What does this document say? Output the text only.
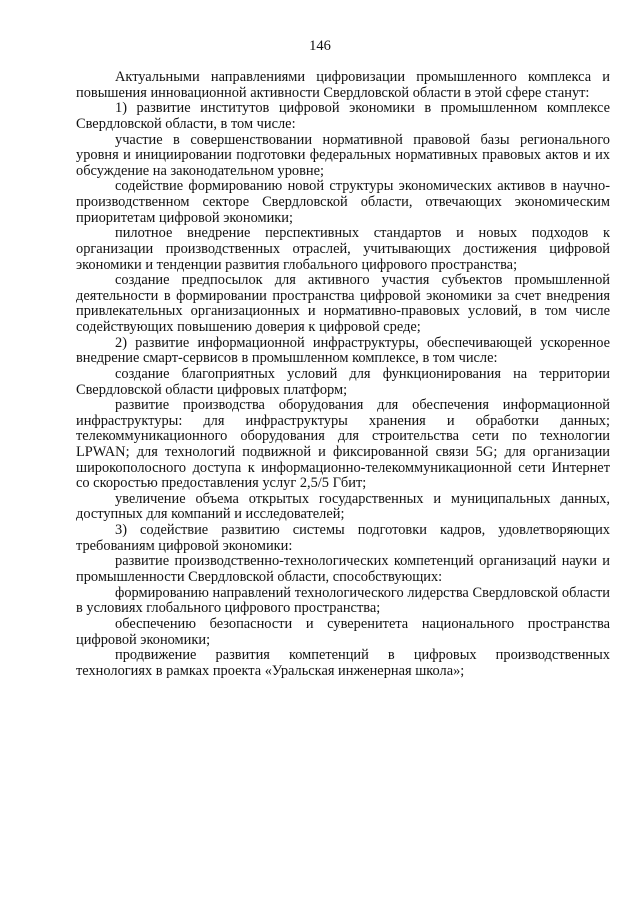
146

Актуальными направлениями цифровизации промышленного комплекса и повышения инновационной активности Свердловской области в этой сфере станут:

1) развитие институтов цифровой экономики в промышленном комплексе Свердловской области, в том числе:

участие в совершенствовании нормативной правовой базы регионального уровня и инициировании подготовки федеральных нормативных правовых актов и их обсуждение на законодательном уровне;

содействие формированию новой структуры экономических активов в научно-производственном секторе Свердловской области, отвечающих экономическим приоритетам цифровой экономики;

пилотное внедрение перспективных стандартов и новых подходов к организации производственных отраслей, учитывающих достижения цифровой экономики и тенденции развития глобального цифрового пространства;

создание предпосылок для активного участия субъектов промышленной деятельности в формировании пространства цифровой экономики за счет внедрения привлекательных организационных и нормативно-правовых условий, в том числе содействующих повышению доверия к цифровой среде;

2) развитие информационной инфраструктуры, обеспечивающей ускоренное внедрение смарт-сервисов в промышленном комплексе, в том числе:

создание благоприятных условий для функционирования на территории Свердловской области цифровых платформ;

развитие производства оборудования для обеспечения информационной инфраструктуры: для инфраструктуры хранения и обработки данных; телекоммуникационного оборудования для строительства сети по технологии LPWAN; для технологий подвижной и фиксированной связи 5G; для организации широкополосного доступа к информационно-телекоммуникационной сети Интернет со скоростью предоставления услуг 2,5/5 Гбит;

увеличение объема открытых государственных и муниципальных данных, доступных для компаний и исследователей;

3) содействие развитию системы подготовки кадров, удовлетворяющих требованиям цифровой экономики:

развитие производственно-технологических компетенций организаций науки и промышленности Свердловской области, способствующих:

формированию направлений технологического лидерства Свердловской области в условиях глобального цифрового пространства;

обеспечению безопасности и суверенитета национального пространства цифровой экономики;

продвижение развития компетенций в цифровых производственных технологиях в рамках проекта «Уральская инженерная школа»;
